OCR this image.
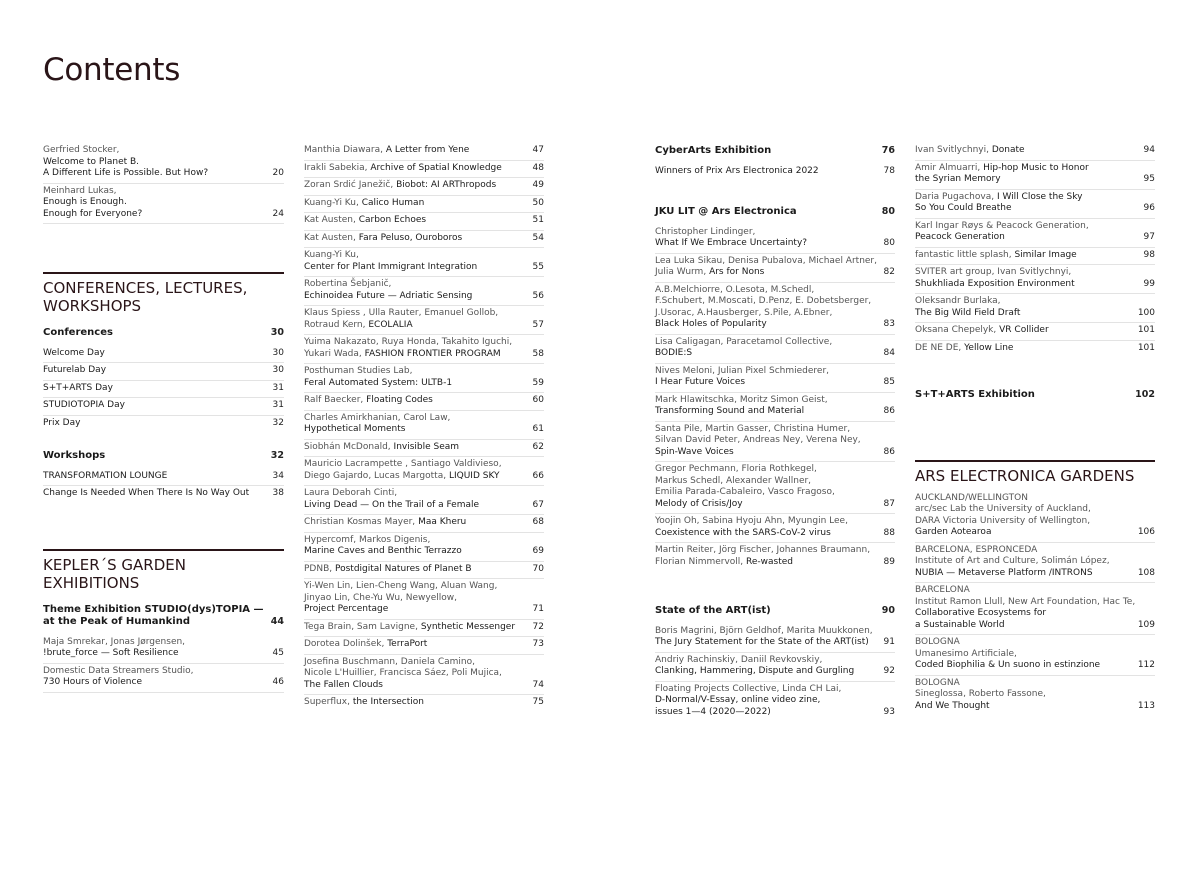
Contents
Gerfried Stocker,
Welcome to Planet B.
A Different Life is Possible. But How?	20
Meinhard Lukas,
Enough is Enough.
Enough for Everyone?	24
CONFERENCES, LECTURES,
WORKSHOPS
Conferences	30
Welcome Day	30
Futurelab Day	30
S+T+ARTS Day	31
STUDIOTOPIA Day	31
Prix Day	32
Workshops	32
TRANSFORMATION LOUNGE	34
Change Is Needed When There Is No Way Out	38
KEPLER´S GARDEN
EXHIBITIONS
Theme Exhibition STUDIO(dys)TOPIA —
at the Peak of Humankind	44
Maja Smrekar, Jonas Jørgensen,
!brute_force — Soft Resilience	45
Domestic Data Streamers Studio,
730 Hours of Violence	46
Manthia Diawara, A Letter from Yene	47
Irakli Sabekia, Archive of Spatial Knowledge	48
Zoran Srdić Janežič, Biobot: AI ARThropods	49
Kuang-Yi Ku, Calico Human	50
Kat Austen, Carbon Echoes	51
Kat Austen, Fara Peluso, Ouroboros	54
Kuang-Yi Ku,
Center for Plant Immigrant Integration	55
Robertina Šebjanič,
Echinoidea Future — Adriatic Sensing	56
Klaus Spiess , Ulla Rauter, Emanuel Gollob,
Rotraud Kern, ECOLALIA	57
Yuima Nakazato, Ruya Honda, Takahito Iguchi,
Yukari Wada, FASHION FRONTIER PROGRAM	58
Posthuman Studies Lab,
Feral Automated System: ULTB-1	59
Ralf Baecker, Floating Codes	60
Charles Amirkhanian, Carol Law,
Hypothetical Moments	61
Siobhán McDonald, Invisible Seam	62
Mauricio Lacrampette , Santiago Valdivieso,
Diego Gajardo, Lucas Margotta, LIQUID SKY	66
Laura Deborah Cinti,
Living Dead — On the Trail of a Female	67
Christian Kosmas Mayer, Maa Kheru	68
Hypercomf, Markos Digenis,
Marine Caves and Benthic Terrazzo	69
PDNB, Postdigital Natures of Planet B	70
Yi-Wen Lin, Lien-Cheng Wang, Aluan Wang,
Jinyao Lin, Che-Yu Wu, Newyellow,
Project Percentage	71
Tega Brain, Sam Lavigne, Synthetic Messenger	72
Dorotea Dolinšek, TerraPort	73
Josefina Buschmann, Daniela Camino,
Nicole L'Huillier, Francisca Sáez, Poli Mujica,
The Fallen Clouds	74
Superflux, the Intersection	75
CyberArts Exhibition	76
Winners of Prix Ars Electronica 2022	78
JKU LIT @ Ars Electronica	80
Christopher Lindinger,
What If We Embrace Uncertainty?	80
Lea Luka Sikau, Denisa Pubalova, Michael Artner,
Julia Wurm, Ars for Nons	82
A.B.Melchiorre, O.Lesota, M.Schedl,
F.Schubert, M.Moscati, D.Penz, E. Dobetsberger,
J.Usorac, A.Hausberger, S.Pile, A.Ebner,
Black Holes of Popularity	83
Lisa Caligagan, Paracetamol Collective,
BODIE:S	84
Nives Meloni, Julian Pixel Schmiederer,
I Hear Future Voices	85
Mark Hlawitschka, Moritz Simon Geist,
Transforming Sound and Material	86
Santa Pile, Martin Gasser, Christina Humer,
Silvan David Peter, Andreas Ney, Verena Ney,
Spin-Wave Voices	86
Gregor Pechmann, Floria Rothkegel,
Markus Schedl, Alexander Wallner,
Emilia Parada-Cabaleiro, Vasco Fragoso,
Melody of Crisis/Joy	87
Yoojin Oh, Sabina Hyoju Ahn, Myungin Lee,
Coexistence with the SARS-CoV-2 virus	88
Martin Reiter, Jörg Fischer, Johannes Braumann,
Florian Nimmervoll, Re-wasted	89
State of the ART(ist)	90
Boris Magrini, Björn Geldhof, Marita Muukkonen,
The Jury Statement for the State of the ART(ist)	91
Andriy Rachinskiy, Daniil Revkovskiy,
Clanking, Hammering, Dispute and Gurgling	92
Floating Projects Collective, Linda CH Lai,
D-Normal/V-Essay, online video zine,
issues 1—4 (2020—2022)	93
Ivan Svitlychnyi, Donate	94
Amir Almuarri, Hip-hop Music to Honor
the Syrian Memory	95
Daria Pugachova, I Will Close the Sky
So You Could Breathe	96
Karl Ingar Røys & Peacock Generation,
Peacock Generation	97
fantastic little splash, Similar Image	98
SVITER art group, Ivan Svitlychnyi,
Shukhliada Exposition Environment	99
Oleksandr Burlaka,
The Big Wild Field Draft	100
Oksana Chepelyk, VR Collider	101
DE NE DE, Yellow Line	101
S+T+ARTS Exhibition	102
ARS ELECTRONICA GARDENS
AUCKLAND/WELLINGTON
arc/sec Lab the University of Auckland,
DARA Victoria University of Wellington,
Garden Aotearoa	106
BARCELONA, ESPRONCEDA
Institute of Art and Culture, Solimán López,
NUBIA — Metaverse Platform /INTRONS	108
BARCELONA
Institut Ramon Llull, New Art Foundation, Hac Te,
Collaborative Ecosystems for
a Sustainable World	109
BOLOGNA
Umanesimo Artificiale,
Coded Biophilia & Un suono in estinzione	112
BOLOGNA
Sineglossa, Roberto Fassone,
And We Thought	113
